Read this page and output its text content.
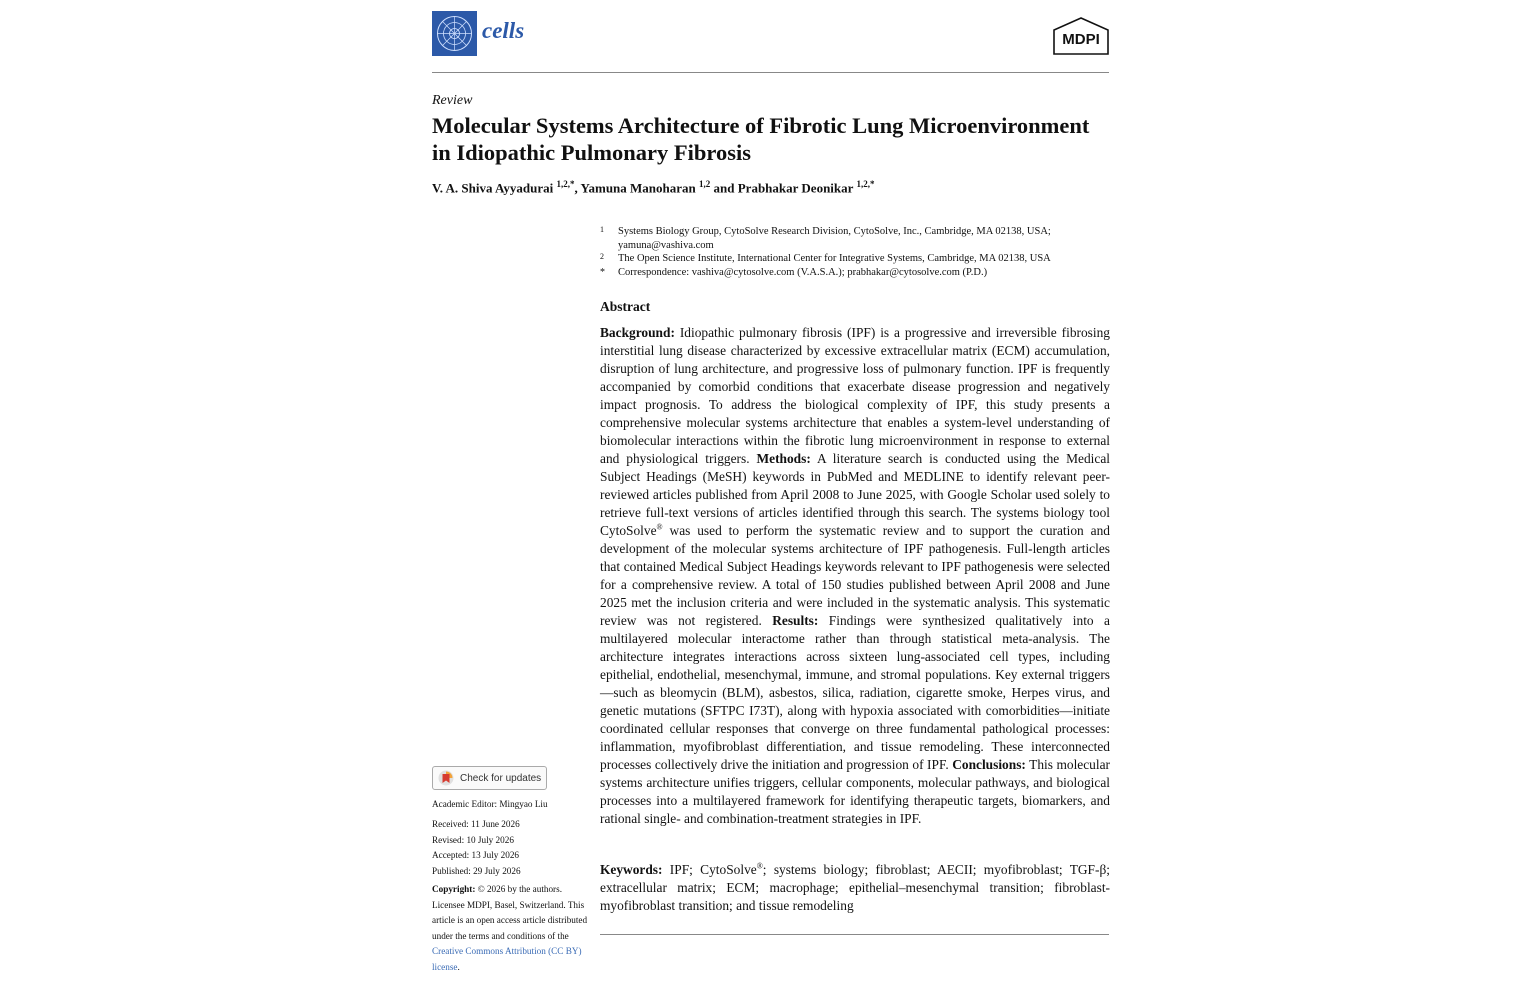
cells	MDPI
Review
Molecular Systems Architecture of Fibrotic Lung Microenvironment in Idiopathic Pulmonary Fibrosis
V. A. Shiva Ayyadurai $^{1,2,*}$, Yamuna Manoharan $^{1,2}$ and Prabhakar Deonikar $^{1,2,*}$
1 Systems Biology Group, CytoSolve Research Division, CytoSolve, Inc., Cambridge, MA 02138, USA; yamuna@vashiva.com
2 The Open Science Institute, International Center for Integrative Systems, Cambridge, MA 02138, USA
* Correspondence: vashiva@cytosolve.com (V.A.S.A.); prabhakar@cytosolve.com (P.D.)
Abstract

Background: Idiopathic pulmonary fibrosis (IPF) is a progressive and irreversible fibrosing interstitial lung disease characterized by excessive extracellular matrix (ECM) accumulation, disruption of lung architecture, and progressive loss of pulmonary function. IPF is frequently accompanied by comorbid conditions that exacerbate disease progression and negatively impact prognosis. To address the biological complexity of IPF, this study presents a comprehensive molecular systems architecture that enables a system-level understanding of biomolecular interactions within the fibrotic lung microenvironment in response to external and physiological triggers. Methods: A literature search is conducted using the Medical Subject Headings (MeSH) keywords in PubMed and MEDLINE to identify relevant peer-reviewed articles published from April 2008 to June 2025, with Google Scholar used solely to retrieve full-text versions of articles identified through this search. The systems biology tool CytoSolve® was used to perform the systematic review and to support the curation and development of the molecular systems architecture of IPF pathogenesis. Full-length articles that contained Medical Subject Headings keywords relevant to IPF pathogenesis were selected for a comprehensive review. A total of 150 studies published between April 2008 and June 2025 met the inclusion criteria and were included in the systematic analysis. This systematic review was not registered. Results: Findings were synthesized qualitatively into a multilayered molecular interactome rather than through statistical meta-analysis. The architecture integrates interactions across sixteen lung-associated cell types, including epithelial, endothelial, mesenchymal, immune, and stromal populations. Key external triggers—such as bleomycin (BLM), asbestos, silica, radiation, cigarette smoke, Herpes virus, and genetic mutations (SFTPC I73T), along with hypoxia associated with comorbidities—initiate coordinated cellular responses that converge on three fundamental pathological processes: inflammation, myofibroblast differentiation, and tissue remodeling. These interconnected processes collectively drive the initiation and progression of IPF. Conclusions: This molecular systems architecture unifies triggers, cellular components, molecular pathways, and biological processes into a multilayered framework for identifying therapeutic targets, biomarkers, and rational single- and combination-treatment strategies in IPF.

Keywords: IPF; CytoSolve®; systems biology; fibroblast; AECII; myofibroblast; TGF-β; extracellular matrix; ECM; macrophage; epithelial–mesenchymal transition; fibroblast-myofibroblast transition; and tissue remodeling

Check for updates
Academic Editor: Mingyao Liu
Received: 11 June 2026
Revised: 10 July 2026
Accepted: 13 July 2026
Published: 29 July 2026
Copyright: © 2026 by the authors. Licensee MDPI, Basel, Switzerland. This article is an open access article distributed under the terms and conditions of the Creative Commons Attribution (CC BY) license.
